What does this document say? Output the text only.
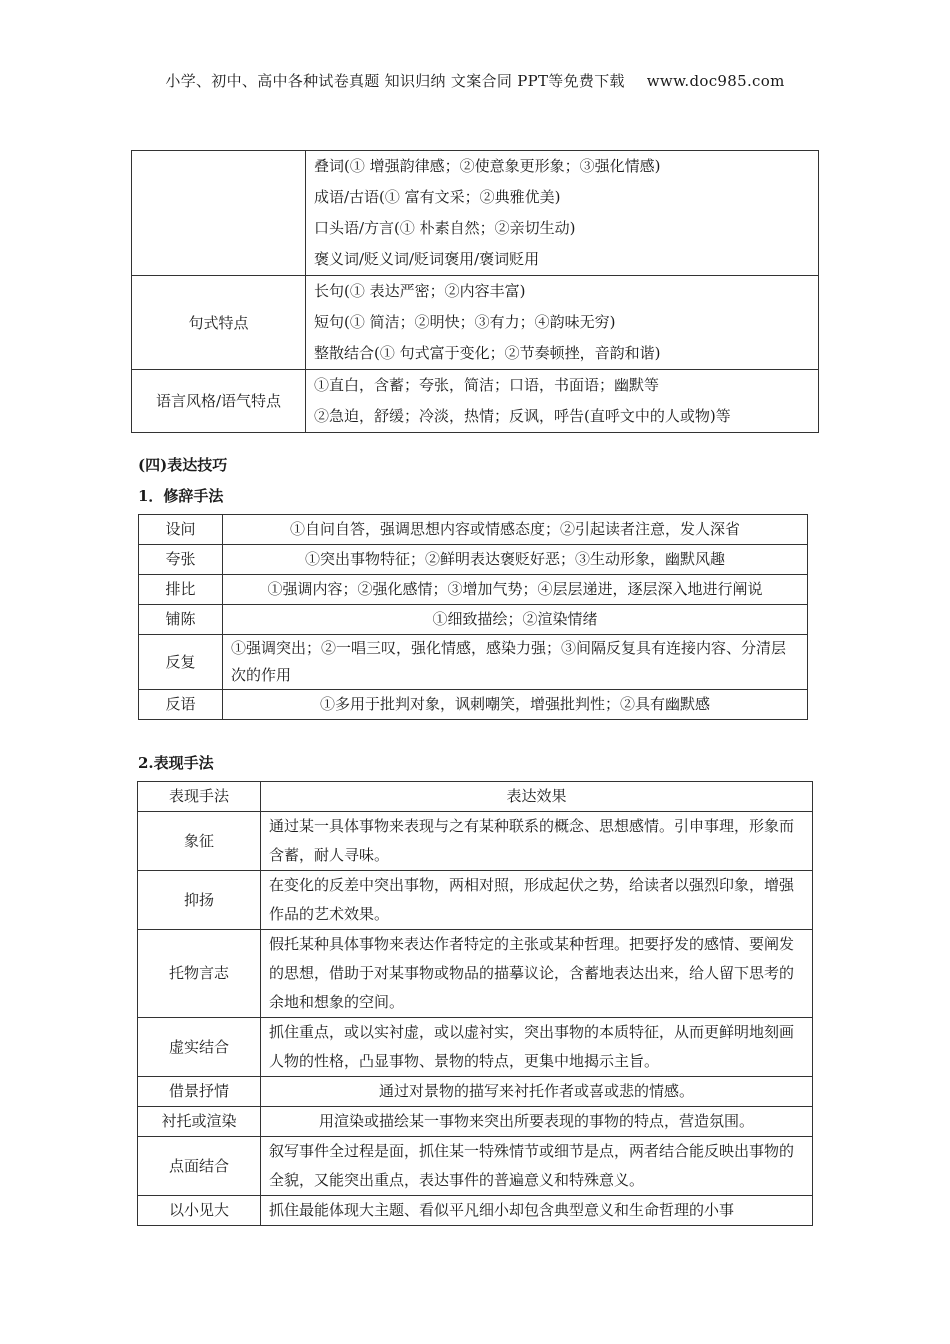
小学、初中、高中各种试卷真题 知识归纳 文案合同 PPT等免费下载 www.doc985.com

	叠词(① 增强韵律感；②使意象更形象；③强化情感)
成语/古语(① 富有文采；②典雅优美)
口头语/方言(① 朴素自然；②亲切生动)
褒义词/贬义词/贬词褒用/褒词贬用

句式特点	长句(① 表达严密；②内容丰富)
短句(① 简洁；②明快；③有力；④韵味无穷)
整散结合(① 句式富于变化；②节奏顿挫，音韵和谐)

语言风格/语气特点	①直白，含蓄；夸张，简洁；口语，书面语；幽默等
②急迫，舒缓；冷淡，热情；反讽，呼告(直呼文中的人或物)等
(四)表达技巧
1．修辞手法
设问	①自问自答，强调思想内容或情感态度；②引起读者注意，发人深省
夸张	①突出事物特征；②鲜明表达褒贬好恶；③生动形象，幽默风趣
排比	①强调内容；②强化感情；③增加气势；④层层递进，逐层深入地进行阐说
铺陈	①细致描绘；②渲染情绪
反复	①强调突出；②一唱三叹，强化情感，感染力强；③间隔反复具有连接内容、分清层次的作用
反语	①多用于批判对象，讽刺嘲笑，增强批判性；②具有幽默感
2.表现手法
表现手法	表达效果
象征	通过某一具体事物来表现与之有某种联系的概念、思想感情。引申事理，形象而含蓄，耐人寻味。
抑扬	在变化的反差中突出事物，两相对照，形成起伏之势，给读者以强烈印象，增强作品的艺术效果。
托物言志	假托某种具体事物来表达作者特定的主张或某种哲理。把要抒发的感情、要阐发的思想，借助于对某事物或物品的描摹议论，含蓄地表达出来，给人留下思考的余地和想象的空间。
虚实结合	抓住重点，或以实衬虚，或以虚衬实，突出事物的本质特征，从而更鲜明地刻画人物的性格，凸显事物、景物的特点，更集中地揭示主旨。
借景抒情	通过对景物的描写来衬托作者或喜或悲的情感。
衬托或渲染	用渲染或描绘某一事物来突出所要表现的事物的特点，营造氛围。
点面结合	叙写事件全过程是面，抓住某一特殊情节或细节是点，两者结合能反映出事物的全貌，又能突出重点，表达事件的普遍意义和特殊意义。
以小见大	抓住最能体现大主题、看似平凡细小却包含典型意义和生命哲理的小事
